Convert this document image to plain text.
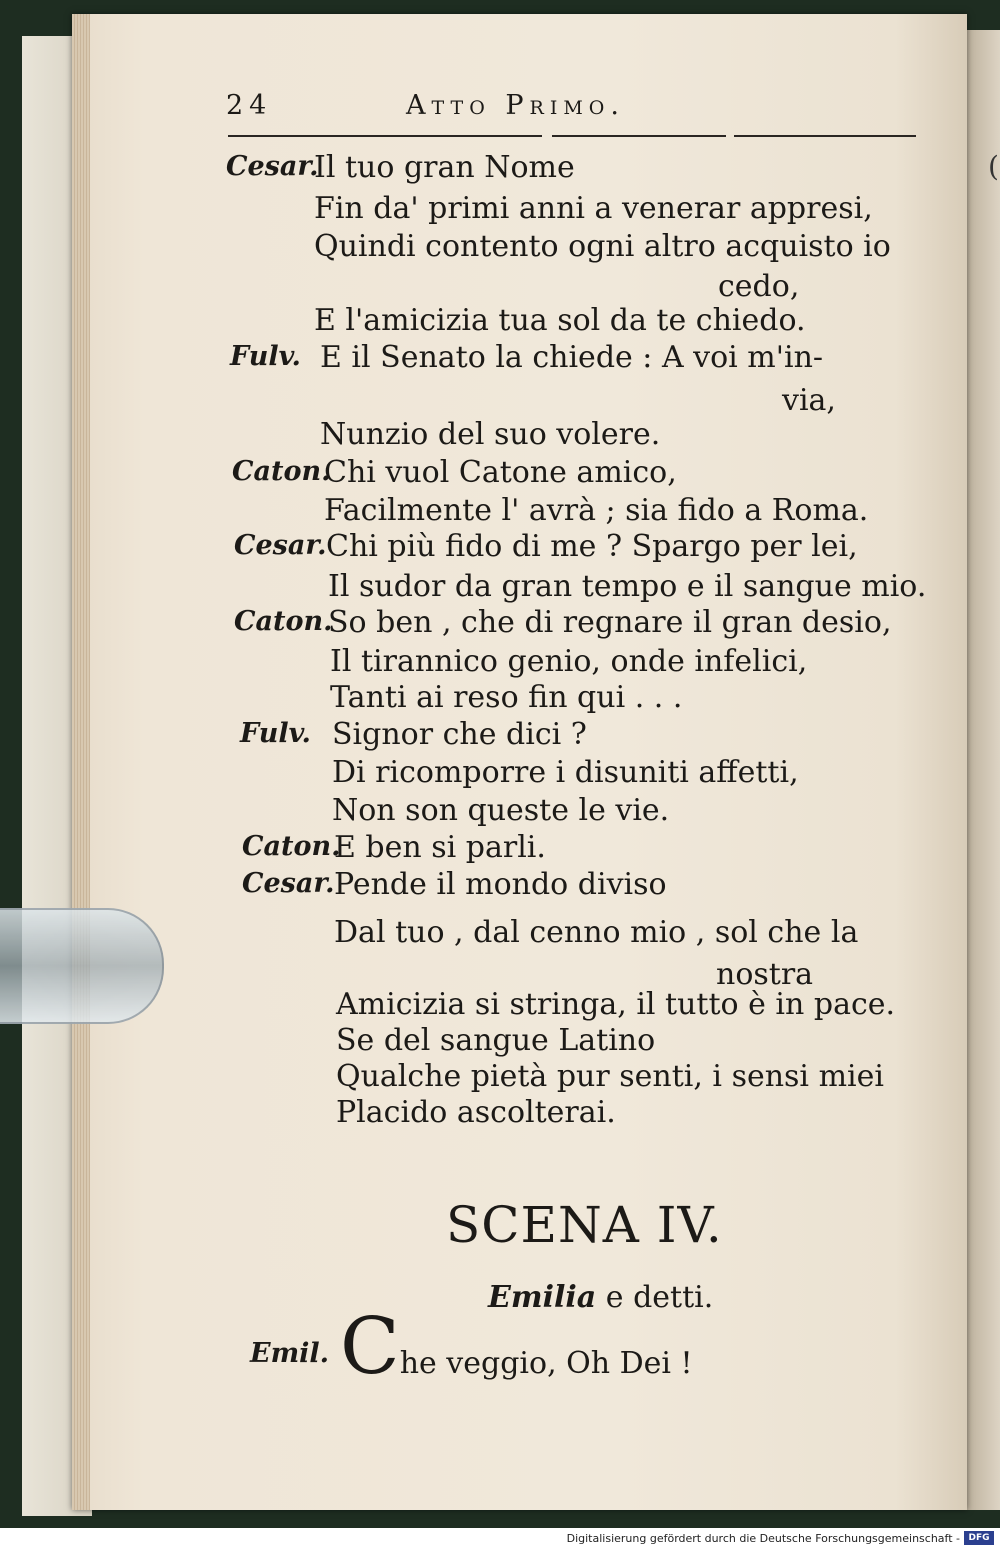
(
24	Atto Primo.
Cesar.
Il tuo gran Nome
Fin da' primi anni a venerar appresi,
Quindi contento ogni altro acquisto io
cedo,
E l'amicizia tua sol da te chiedo.
Fulv. E il Senato la chiede : A voi m'in-
via,
Nunzio del suo volere.
Caton.
Chi vuol Catone amico,
Facilmente l' avrà ; sia fido a Roma.
Cesar. Chi più fido di me ? Spargo per lei,
Il sudor da gran tempo e il sangue mio.
Caton.
So ben , che di regnare il gran desio,
Il tirannico genio, onde infelici,
Tanti ai reso fin qui . . .
Fulv. Signor che dici ?
Di ricomporre i disuniti affetti,
Non son queste le vie.
Caton.
E ben si parli.
Cesar. Pende il mondo diviso
Dal tuo , dal cenno mio , sol che la
nostra
Amicizia si stringa, il tutto è in pace.
Se del sangue Latino
Qualche pietà pur senti, i sensi miei
Placido ascolterai.
SCENA IV.
Emilia e detti.
Emil. Che veggio, Oh Dei !
Digitalisierung gefördert durch die Deutsche Forschungsgemeinschaft - DFG
